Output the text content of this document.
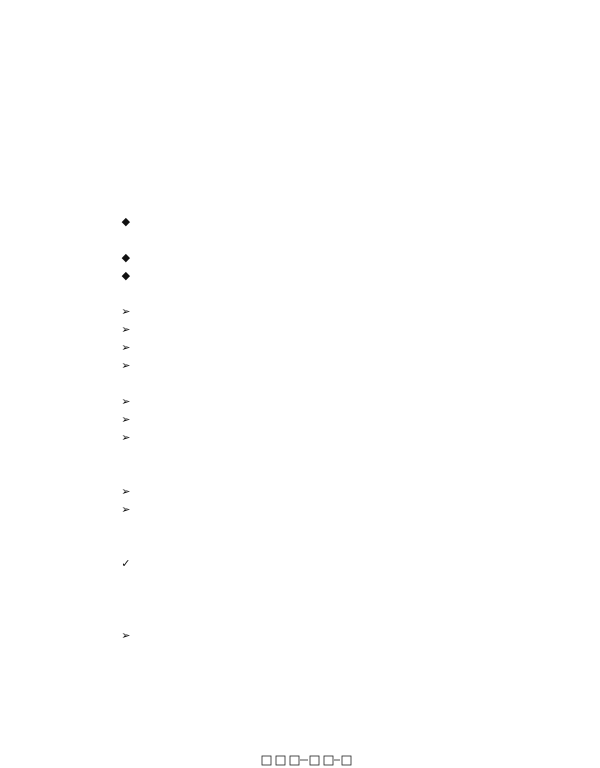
◆
◆
◆
➢
➢
➢
➢
➢
➢
➢
➢
➢
✓
➢
